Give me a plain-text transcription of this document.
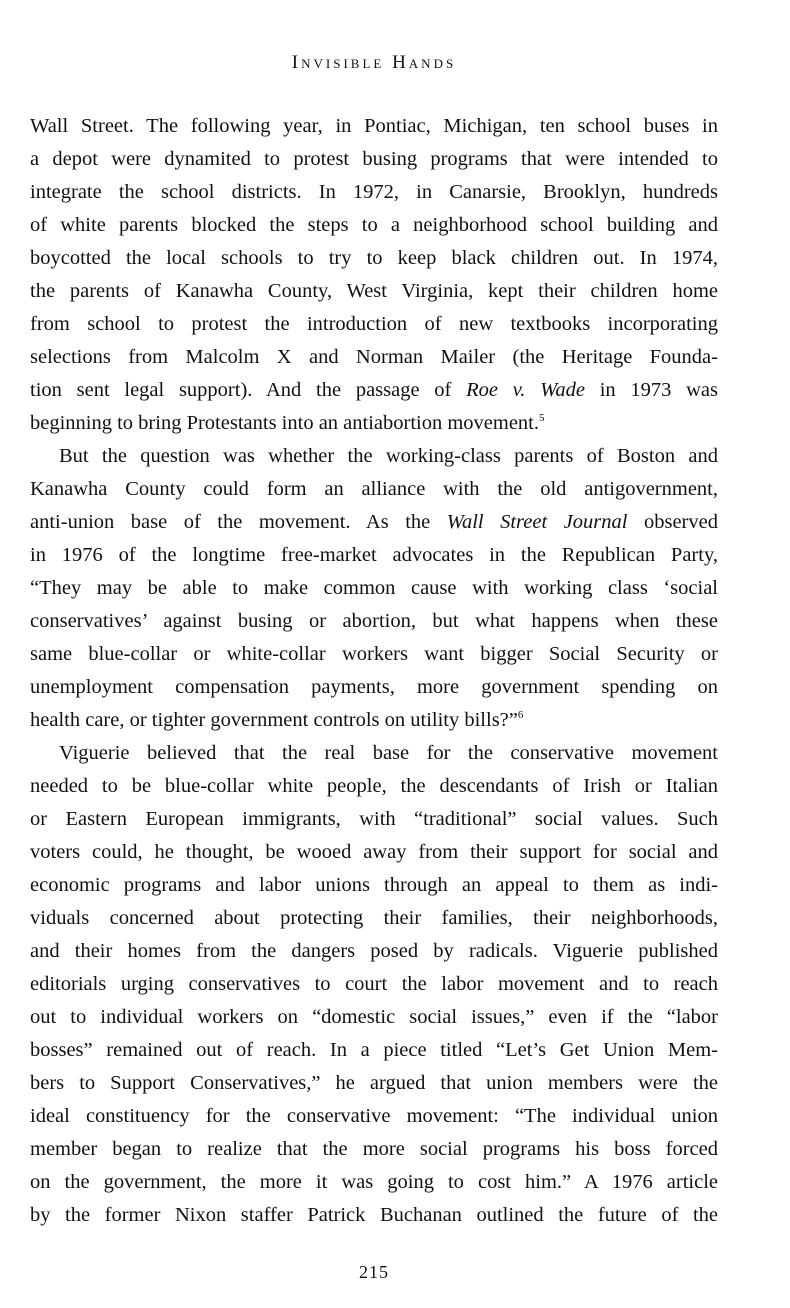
Invisible Hands
Wall Street. The following year, in Pontiac, Michigan, ten school buses in
a depot were dynamited to protest busing programs that were intended to
integrate the school districts. In 1972, in Canarsie, Brooklyn, hundreds
of white parents blocked the steps to a neighborhood school building and
boycotted the local schools to try to keep black children out. In 1974,
the parents of Kanawha County, West Virginia, kept their children home
from school to protest the introduction of new textbooks incorporating
selections from Malcolm X and Norman Mailer (the Heritage Founda-
tion sent legal support). And the passage of Roe v. Wade in 1973 was
beginning to bring Protestants into an antiabortion movement.$^5$
But the question was whether the working-class parents of Boston and
Kanawha County could form an alliance with the old antigovernment,
anti-union base of the movement. As the Wall Street Journal observed
in 1976 of the longtime free-market advocates in the Republican Party,
“They may be able to make common cause with working class ‘social
conservatives’ against busing or abortion, but what happens when these
same blue-collar or white-collar workers want bigger Social Security or
unemployment compensation payments, more government spending on
health care, or tighter government controls on utility bills?”$^6$
Viguerie believed that the real base for the conservative movement
needed to be blue-collar white people, the descendants of Irish or Italian
or Eastern European immigrants, with “traditional” social values. Such
voters could, he thought, be wooed away from their support for social and
economic programs and labor unions through an appeal to them as indi-
viduals concerned about protecting their families, their neighborhoods,
and their homes from the dangers posed by radicals. Viguerie published
editorials urging conservatives to court the labor movement and to reach
out to individual workers on “domestic social issues,” even if the “labor
bosses” remained out of reach. In a piece titled “Let’s Get Union Mem-
bers to Support Conservatives,” he argued that union members were the
ideal constituency for the conservative movement: “The individual union
member began to realize that the more social programs his boss forced
on the government, the more it was going to cost him.” A 1976 article
by the former Nixon staffer Patrick Buchanan outlined the future of the
215
